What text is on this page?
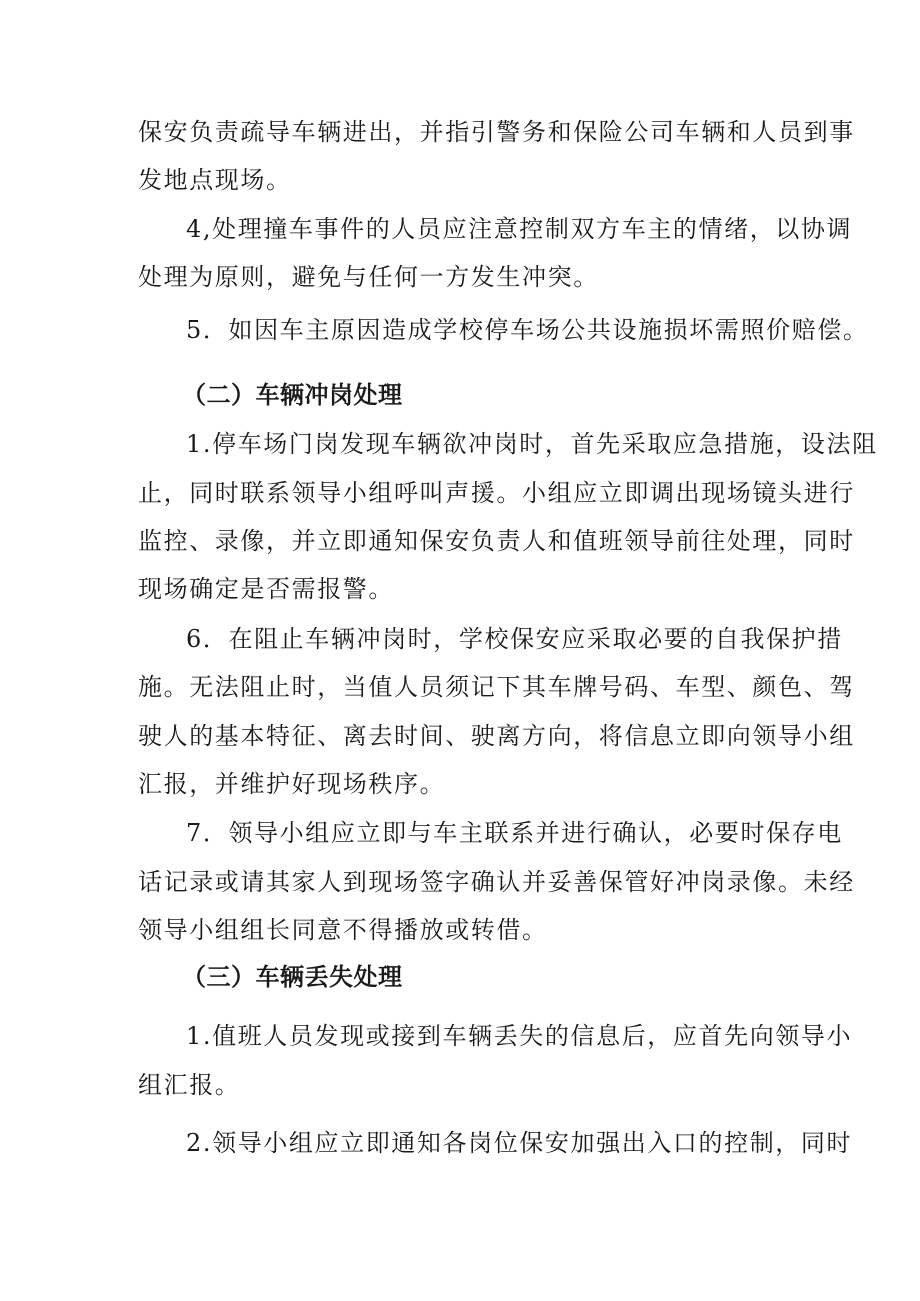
保安负责疏导车辆进出，并指引警务和保险公司车辆和人员到事
发地点现场。
4,处理撞车事件的人员应注意控制双方车主的情绪，以协调
处理为原则，避免与任何一方发生冲突。
5．如因车主原因造成学校停车场公共设施损坏需照价赔偿。
（二）车辆冲岗处理
1.停车场门岗发现车辆欲冲岗时，首先采取应急措施，设法阻
止，同时联系领导小组呼叫声援。小组应立即调出现场镜头进行
监控、录像，并立即通知保安负责人和值班领导前往处理，同时
现场确定是否需报警。
6．在阻止车辆冲岗时，学校保安应采取必要的自我保护措
施。无法阻止时，当值人员须记下其车牌号码、车型、颜色、驾
驶人的基本特征、离去时间、驶离方向，将信息立即向领导小组
汇报，并维护好现场秩序。
7．领导小组应立即与车主联系并进行确认，必要时保存电
话记录或请其家人到现场签字确认并妥善保管好冲岗录像。未经
领导小组组长同意不得播放或转借。
（三）车辆丢失处理
1.值班人员发现或接到车辆丢失的信息后，应首先向领导小
组汇报。
2.领导小组应立即通知各岗位保安加强出入口的控制，同时
